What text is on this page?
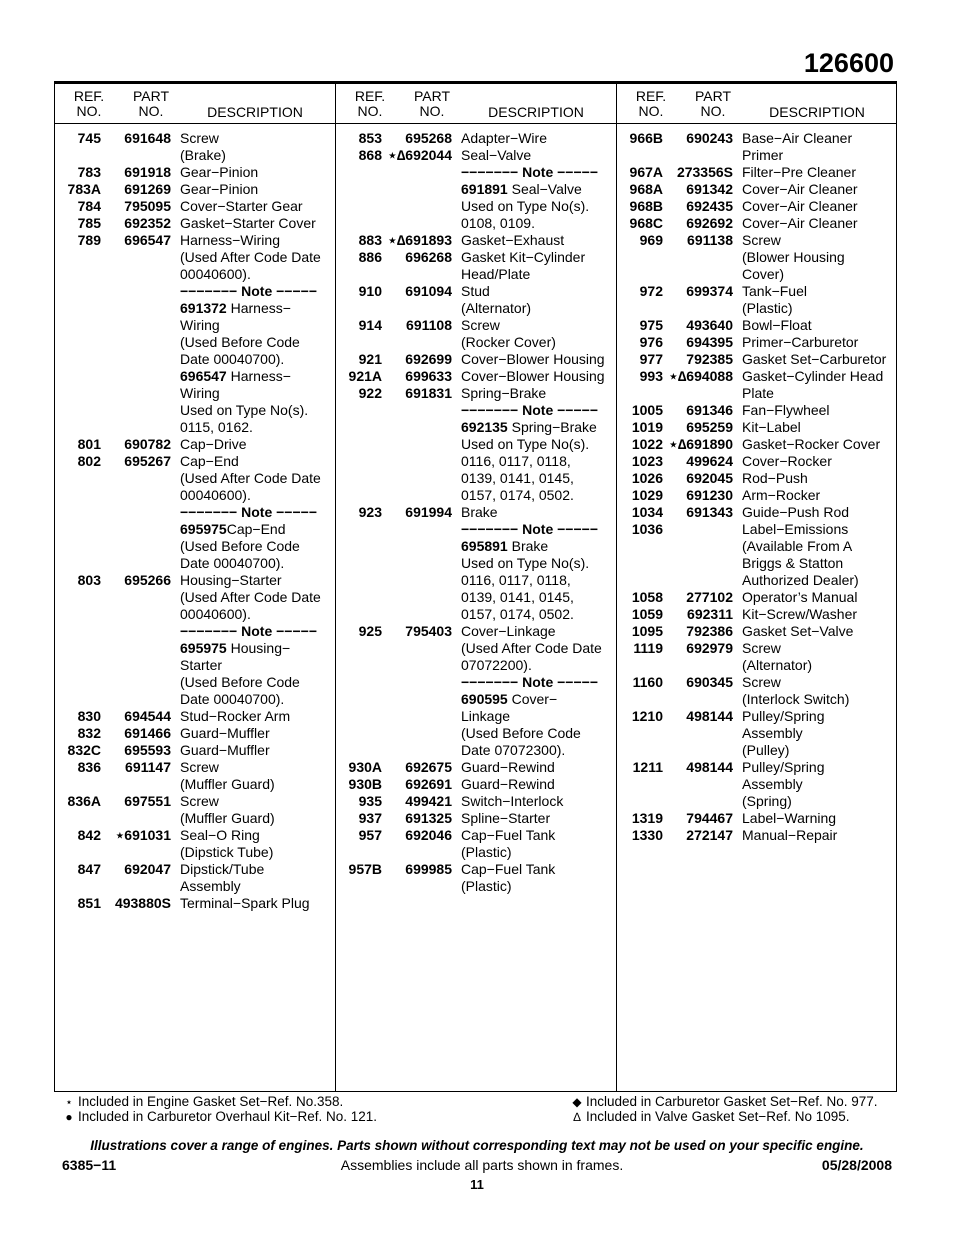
126600
REF.
NO.
PART
NO.	DESCRIPTION
745	691648 Screw
(Brake)
783	691918 Gear−Pinion
783A	691269 Gear−Pinion
784	795095 Cover−Starter Gear
785	692352 Gasket−Starter Cover
789	696547 Harness−Wiring
(Used After Code Date
00040600).
−−−−−−− Note −−−−−
691372 Harness−
Wiring
(Used Before Code
Date 00040700).
696547 Harness−
Wiring
Used on Type No(s).
0115, 0162.
801	690782 Cap−Drive
802	695267 Cap−End
(Used After Code Date
00040600).
−−−−−−− Note −−−−−
695975Cap−End
(Used Before Code
Date 00040700).
803	695266 Housing−Starter
(Used After Code Date
00040600).
−−−−−−− Note −−−−−
695975 Housing−
Starter
(Used Before Code
Date 00040700).
830	694544 Stud−Rocker Arm
832	691466 Guard−Muffler
832C	695593 Guard−Muffler
836	691147 Screw
(Muffler Guard)
836A	697551 Screw
(Muffler Guard)
842	⋆691031 Seal−O Ring
(Dipstick Tube)
847	692047 Dipstick/Tube
Assembly
851 493880S Terminal−Spark Plug
REF.
NO.
PART
NO.	DESCRIPTION
853	695268 Adapter−Wire
868 ⋆∆692044 Seal−Valve
−−−−−−− Note −−−−−
691891 Seal−Valve
Used on Type No(s).
0108, 0109.
883 ⋆∆691893 Gasket−Exhaust
886	696268 Gasket Kit−Cylinder
Head/Plate
910	691094 Stud
(Alternator)
914	691108 Screw
(Rocker Cover)
921	692699 Cover−Blower Housing
921A	699633 Cover−Blower Housing
922	691831 Spring−Brake
−−−−−−− Note −−−−−
692135 Spring−Brake
Used on Type No(s).
0116, 0117, 0118,
0139, 0141, 0145,
0157, 0174, 0502.
923	691994 Brake
−−−−−−− Note −−−−−
695891 Brake
Used on Type No(s).
0116, 0117, 0118,
0139, 0141, 0145,
0157, 0174, 0502.
925	795403 Cover−Linkage
(Used After Code Date
07072200).
−−−−−−− Note −−−−−
690595 Cover−
Linkage
(Used Before Code
Date 07072300).
930A	692675 Guard−Rewind
930B	692691 Guard−Rewind
935	499421 Switch−Interlock
937	691325 Spline−Starter
957	692046 Cap−Fuel Tank
(Plastic)
957B	699985 Cap−Fuel Tank
(Plastic)
REF.
NO.
PART
NO.	DESCRIPTION
966B	690243 Base−Air Cleaner
Primer
967A 273356S Filter−Pre Cleaner
968A	691342 Cover−Air Cleaner
968B	692435 Cover−Air Cleaner
968C	692692 Cover−Air Cleaner
969	691138 Screw
(Blower Housing
Cover)
972	699374 Tank−Fuel
(Plastic)
975	493640 Bowl−Float
976	694395 Primer−Carburetor
977	792385 Gasket Set−Carburetor
993 ⋆∆694088 Gasket−Cylinder Head
Plate
1005	691346 Fan−Flywheel
1019	695259 Kit−Label
1022 ⋆∆691890 Gasket−Rocker Cover
1023	499624 Cover−Rocker
1026	692045 Rod−Push
1029	691230 Arm−Rocker
1034	691343 Guide−Push Rod
1036	Label−Emissions
(Available From A
Briggs & Statton
Authorized Dealer)
1058	277102 Operator’s Manual
1059	692311 Kit−Screw/Washer
1095	792386 Gasket Set−Valve
1119	692979 Screw
(Alternator)
1160	690345 Screw
(Interlock Switch)
1210	498144 Pulley/Spring
Assembly
(Pulley)
1211	498144 Pulley/Spring
Assembly
(Spring)
1319	794467 Label−Warning
1330	272147 Manual−Repair
⋆ Included in Engine Gasket Set−Ref. No.358.
● Included in Carburetor Overhaul Kit−Ref. No. 121.
◆ Included in Carburetor Gasket Set−Ref. No. 977.
∆ Included in Valve Gasket Set−Ref. No 1095.
Illustrations cover a range of engines. Parts shown without corresponding text may not be used on your specific engine.
6385−11	Assemblies include all parts shown in frames.	05/28/2008
11
